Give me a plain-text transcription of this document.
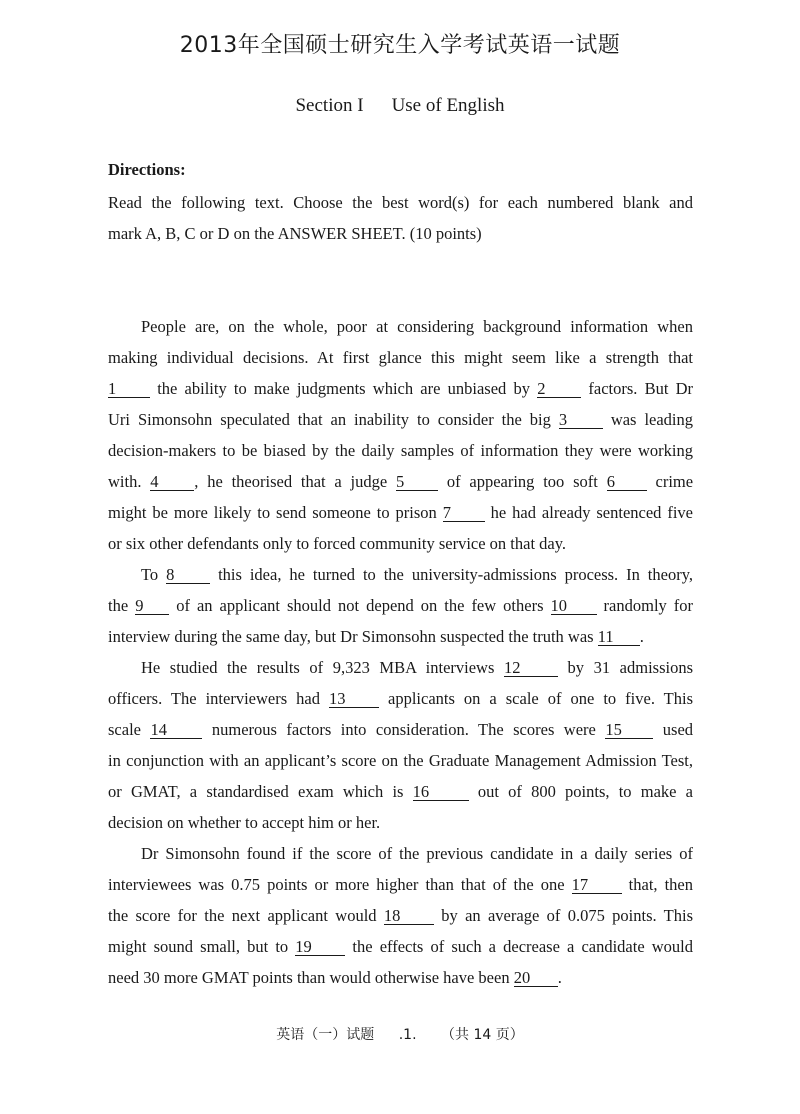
2013年全国硕士研究生入学考试英语一试题
Section I Use of English
Directions:
Read the following text. Choose the best word(s) for each numbered blank and
mark A, B, C or D on the ANSWER SHEET. (10 points)
People are, on the whole, poor at considering background information when
making individual decisions. At first glance this might seem like a strength that
1 the ability to make judgments which are unbiased by 2	factors. But Dr
Uri Simonsohn speculated that an inability to consider the big 3	was leading
decision-makers to be biased by the daily samples of information they were working
with. 4 , he theorised that a judge 5	of appearing too soft 6 crime
might be more likely to send someone to prison 7 he had already sentenced five
or six other defendants only to forced community service on that day.
To 8	this idea, he turned to the university-admissions process. In theory,
the 9 of an applicant should not depend on the few others 10 randomly for
interview during the same day, but Dr Simonsohn suspected the truth was 11 .
He studied the results of 9,323 MBA interviews 12	by 31 admissions
officers. The interviewers had 13	applicants on a scale of one to five. This
scale 14	numerous factors into consideration. The scores were 15 used
in conjunction with an applicant’s score on the Graduate Management Admission Test,
or GMAT, a standardised exam which is 16	out of 800 points, to make a
decision on whether to accept him or her.
Dr Simonsohn found if the score of the previous candidate in a daily series of
interviewees was 0.75 points or more higher than that of the one 17 that, then
the score for the next applicant would 18 by an average of 0.075 points. This
might sound small, but to 19 the effects of such a decrease a candidate would
need 30 more GMAT points than would otherwise have been 20 .
英语（一）试题 .1. （共 14 页）
